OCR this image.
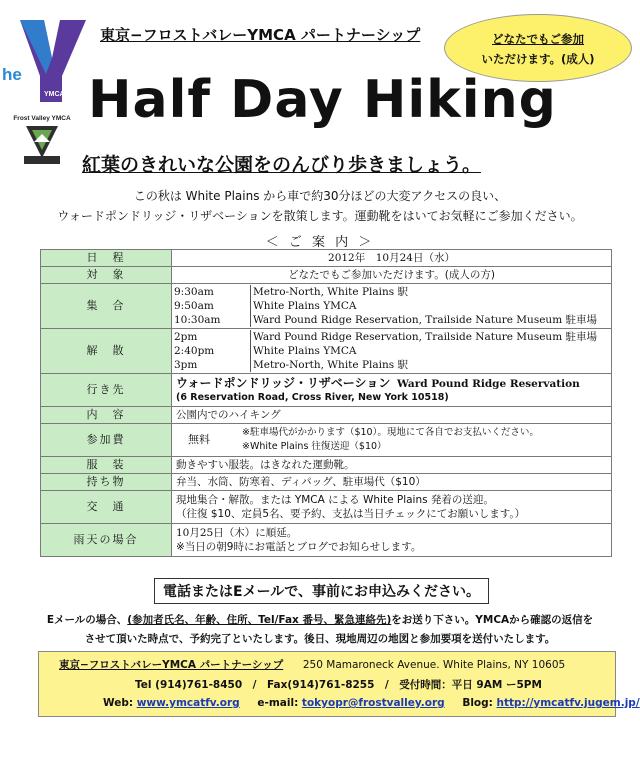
he
YMCA
Frost Valley YMCA
東京−フロストバレーYMCA パートナーシップ	どなたでもご参加
いただけます。(成人)
Half Day Hiking
紅葉のきれいな公園をのんびり歩きましょう。
この秋は White Plains から車で約30分ほどの大変アクセスの良い、
ウォードポンドリッジ・リザベーションを散策します。運動靴をはいてお気軽にご参加ください。
＜ ご 案 内 ＞
日　程	2012年　10月24日（水）
対　象	どなたでもご参加いただけます。(成人の方)
集　合	
9:30am	Metro-North, White Plains 駅
9:50am	White Plains YMCA
10:30am	Ward Pound Ridge Reservation, Trailside Nature Museum 駐車場

解　散	
2pm	Ward Pound Ridge Reservation, Trailside Nature Museum 駐車場
2:40pm	White Plains YMCA
3pm	Metro-North, White Plains 駅

行き先	ウォードポンドリッジ・リザベーション Ward Pound Ridge Reservation
(6 Reservation Road, Cross River, New York 10518)

内　容	公園内でのハイキング
参加費	無料
※駐車場代がかかります（$10）。現地にて各自でお支払いください。
※White Plains 往復送迎（$10）

服　装	動きやすい服装。はきなれた運動靴。
持ち物	弁当、水筒、防寒着、ディパッグ、駐車場代（$10）
交　通	現地集合・解散。または YMCA による White Plains 発着の送迎。
（往復 $10、定員5名、要予約、支払は当日チェックにてお願いします。）

雨天の場合	10月25日（木）に順延。
※当日の朝9時にお電話とブログでお知らせします。
電話またはEメールで、事前にお申込みください。
Eメールの場合、(参加者氏名、年齢、住所、Tel/Fax 番号、緊急連絡先)をお送り下さい。YMCAから確認の返信を
させて頂いた時点で、予約完了といたします。後日、現地周辺の地図と参加要項を送付いたします。
東京−フロストバレーYMCA パートナーシップ 250 Mamaroneck Avenue. White Plains, NY 10605
Tel (914)761-8450　/　Fax(914)761-8255　/　受付時間：平日 9AM ー5PM
Web: www.ymcatfv.org e-mail: tokyopr@frostvalley.org Blog: http://ymcatfv.jugem.jp/
